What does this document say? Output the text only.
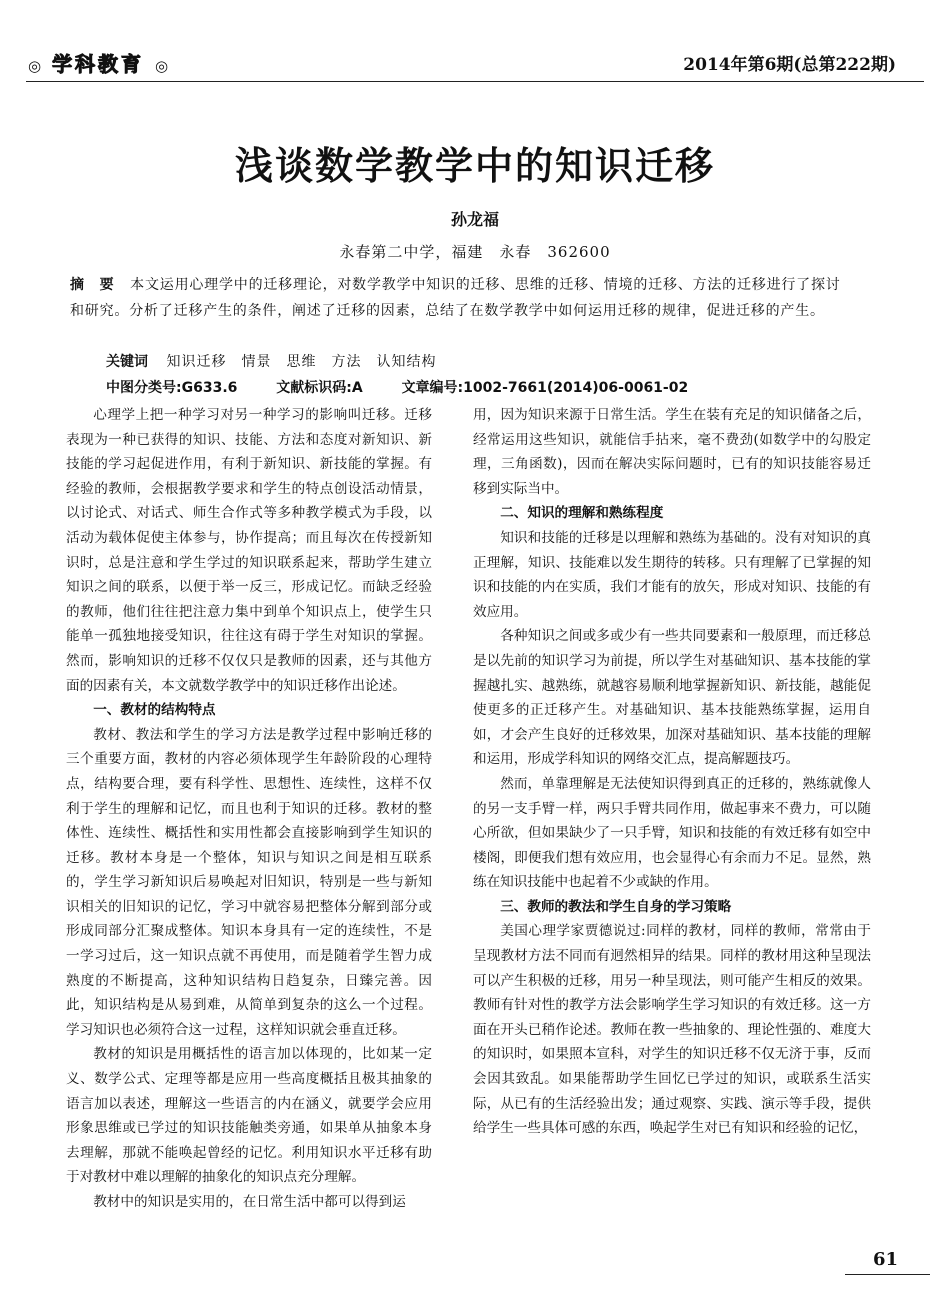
◎ 学科教育 ◎	2014年第6期(总第222期)
浅谈数学教学中的知识迁移
孙龙福
永春第二中学，福建　永春　362600
摘　要 本文运用心理学中的迁移理论，对数学教学中知识的迁移、思维的迁移、情境的迁移、方法的迁移进行了探讨和研究。分析了迁移产生的条件，阐述了迁移的因素，总结了在数学教学中如何运用迁移的规律，促进迁移的产生。
关键词 知识迁移　情景　思维　方法　认知结构
中图分类号:G633.6	文献标识码:A	文章编号:1002-7661(2014)06-0061-02

心理学上把一种学习对另一种学习的影响叫迁移。迁移表现为一种已获得的知识、技能、方法和态度对新知识、新技能的学习起促进作用，有利于新知识、新技能的掌握。有经验的教师，会根据教学要求和学生的特点创设活动情景，以讨论式、对话式、师生合作式等多种教学模式为手段，以活动为载体促使主体参与，协作提高；而且每次在传授新知识时，总是注意和学生学过的知识联系起来，帮助学生建立知识之间的联系，以便于举一反三，形成记忆。而缺乏经验的教师，他们往往把注意力集中到单个知识点上，使学生只能单一孤独地接受知识，往往这有碍于学生对知识的掌握。然而，影响知识的迁移不仅仅只是教师的因素，还与其他方面的因素有关，本文就数学教学中的知识迁移作出论述。

一、教材的结构特点

教材、教法和学生的学习方法是教学过程中影响迁移的三个重要方面，教材的内容必须体现学生年龄阶段的心理特点，结构要合理，要有科学性、思想性、连续性，这样不仅利于学生的理解和记忆，而且也利于知识的迁移。教材的整体性、连续性、概括性和实用性都会直接影响到学生知识的迁移。教材本身是一个整体，知识与知识之间是相互联系的，学生学习新知识后易唤起对旧知识，特别是一些与新知识相关的旧知识的记忆，学习中就容易把整体分解到部分或形成同部分汇聚成整体。知识本身具有一定的连续性，不是一学习过后，这一知识点就不再使用，而是随着学生智力成熟度的不断提高，这种知识结构日趋复杂，日臻完善。因此，知识结构是从易到难，从简单到复杂的这么一个过程。学习知识也必须符合这一过程，这样知识就会垂直迁移。

教材的知识是用概括性的语言加以体现的，比如某一定义、数学公式、定理等都是应用一些高度概括且极其抽象的语言加以表述，理解这一些语言的内在涵义，就要学会应用形象思维或已学过的知识技能触类旁通，如果单从抽象本身去理解，那就不能唤起曾经的记忆。利用知识水平迁移有助于对教材中难以理解的抽象化的知识点充分理解。

教材中的知识是实用的，在日常生活中都可以得到运

用，因为知识来源于日常生活。学生在装有充足的知识储备之后，经常运用这些知识，就能信手拈来，毫不费劲(如数学中的勾股定理，三角函数)，因而在解决实际问题时，已有的知识技能容易迁移到实际当中。

二、知识的理解和熟练程度

知识和技能的迁移是以理解和熟练为基础的。没有对知识的真正理解，知识、技能难以发生期待的转移。只有理解了已掌握的知识和技能的内在实质，我们才能有的放矢，形成对知识、技能的有效应用。

各种知识之间或多或少有一些共同要素和一般原理，而迁移总是以先前的知识学习为前提，所以学生对基础知识、基本技能的掌握越扎实、越熟练，就越容易顺利地掌握新知识、新技能，越能促使更多的正迁移产生。对基础知识、基本技能熟练掌握，运用自如，才会产生良好的迁移效果，加深对基础知识、基本技能的理解和运用，形成学科知识的网络交汇点，提高解题技巧。

然而，单靠理解是无法使知识得到真正的迁移的，熟练就像人的另一支手臂一样，两只手臂共同作用，做起事来不费力，可以随心所欲，但如果缺少了一只手臂，知识和技能的有效迁移有如空中楼阁，即便我们想有效应用，也会显得心有余而力不足。显然，熟练在知识技能中也起着不少或缺的作用。

三、教师的教法和学生自身的学习策略

美国心理学家贾德说过:同样的教材，同样的教师，常常由于呈现教材方法不同而有迥然相异的结果。同样的教材用这种呈现法可以产生积极的迁移，用另一种呈现法，则可能产生相反的效果。教师有针对性的教学方法会影响学生学习知识的有效迁移。这一方面在开头已稍作论述。教师在教一些抽象的、理论性强的、难度大的知识时，如果照本宣科，对学生的知识迁移不仅无济于事，反而会因其致乱。如果能帮助学生回忆已学过的知识，或联系生活实际，从已有的生活经验出发；通过观察、实践、演示等手段，提供给学生一些具体可感的东西，唤起学生对已有知识和经验的记忆，

61
